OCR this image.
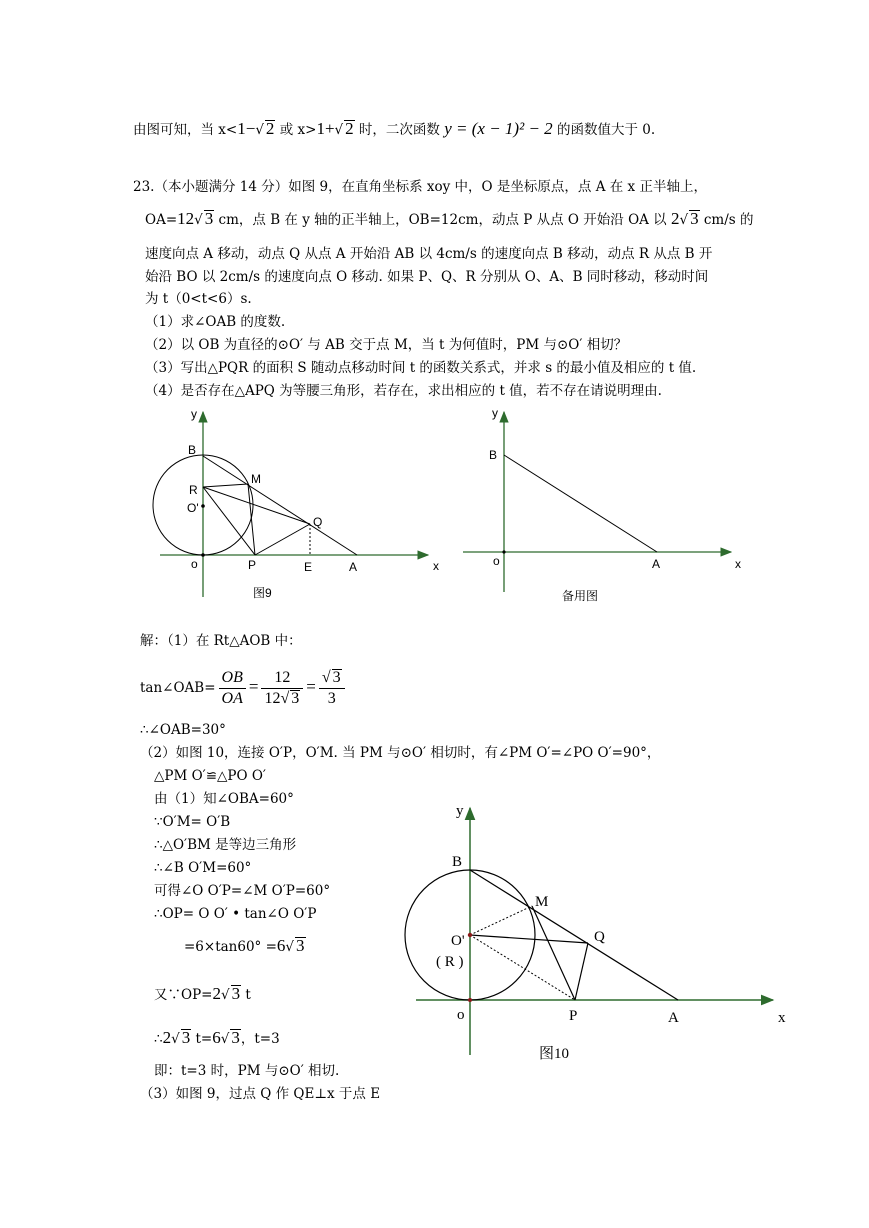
由图可知，当 x<1−√ 2 或 x>1+√ 2 时，二次函数 y = (x − 1)² − 2 的函数值大于 0.
23.（本小题满分 14 分）如图 9，在直角坐标系 xoy 中，O 是坐标原点，点 A 在 x 正半轴上，
OA=12√ 3 cm，点 B 在 y 轴的正半轴上，OB=12cm，动点 P 从点 O 开始沿 OA 以 2√ 3 cm/s 的
速度向点 A 移动，动点 Q 从点 A 开始沿 AB 以 4cm/s 的速度向点 B 移动，动点 R 从点 B 开
始沿 BO 以 2cm/s 的速度向点 O 移动. 如果 P、Q、R 分别从 O、A、B 同时移动，移动时间
为 t（0<t<6）s.
（1）求∠OAB 的度数.
（2）以 OB 为直径的⊙O′ 与 AB 交于点 M，当 t 为何值时，PM 与⊙O′ 相切？
（3）写出△PQR 的面积 S 随动点移动时间 t 的函数关系式，并求 s 的最小值及相应的 t 值.
（4）是否存在△APQ 为等腰三角形，若存在，求出相应的 t 值，若不存在请说明理由.
y
B
M
R
O'
Q
o	P	E	A	x
图9
y
B
o	A	x
备用图
y
B
M
O'
( R )
Q
o	P	A	x
图10
解：（1）在 Rt△AOB 中：
tan∠OAB= $\frac{OB}{OA} = \frac{12}{12√ 3} = \frac{√ 3}{3}$
∴∠OAB=30°
（2）如图 10，连接 O′P，O′M. 当 PM 与⊙O′ 相切时，有∠PM O′=∠PO O′=90°，
△PM O′≌△PO O′
由（1）知∠OBA=60°
∵O′M= O′B
∴△O′BM 是等边三角形
∴∠B O′M=60°
可得∠O O′P=∠M O′P=60°
∴OP= O O′ • tan∠O O′P
=6×tan60° =6√ 3
又∵OP=2√ 3 t
∴2√ 3 t=6√ 3，t=3
即：t=3 时，PM 与⊙O′ 相切.
（3）如图 9，过点 Q 作 QE⊥x 于点 E
